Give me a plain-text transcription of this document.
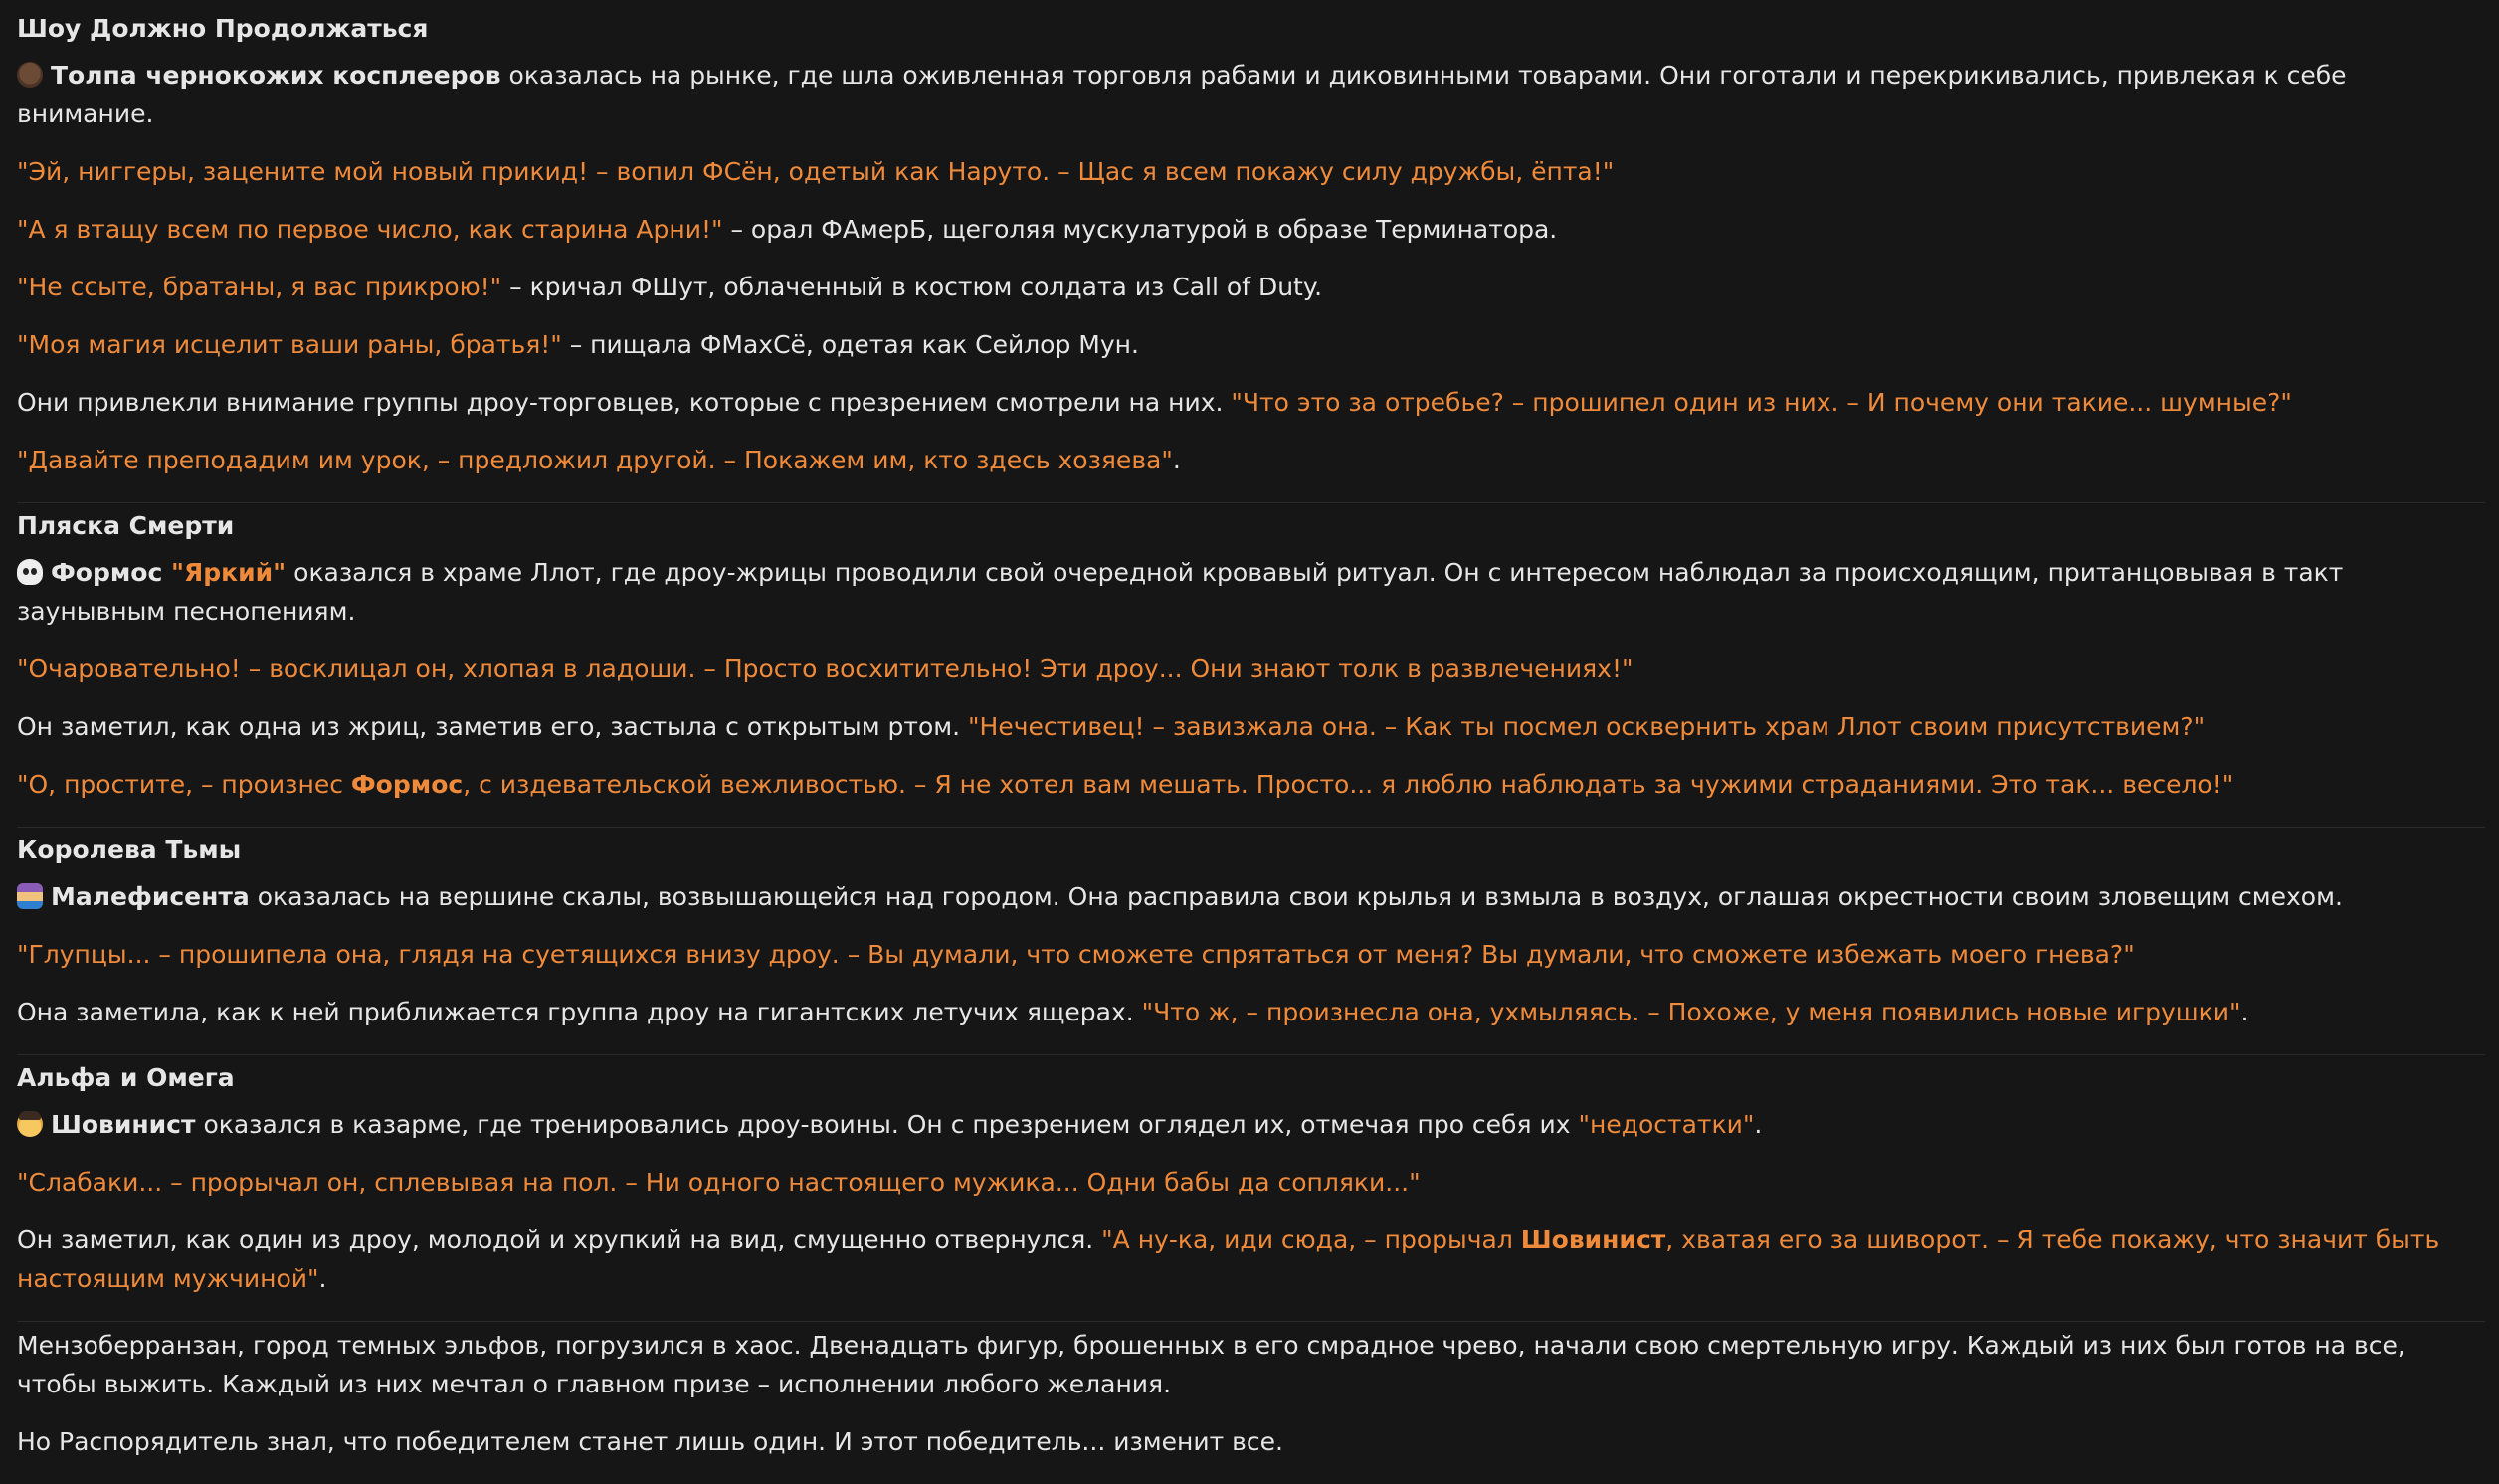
Шоу Должно Продолжаться

Толпа чернокожих косплееров оказалась на рынке, где шла оживленная торговля рабами и диковинными товарами. Они гоготали и перекрикивались, привлекая к себе внимание.

"Эй, ниггеры, зацените мой новый прикид! – вопил ФСён, одетый как Наруто. – Щас я всем покажу силу дружбы, ёпта!"

"А я втащу всем по первое число, как старина Арни!" – орал ФАмерБ, щеголяя мускулатурой в образе Терминатора.

"Не ссыте, братаны, я вас прикрою!" – кричал ФШут, облаченный в костюм солдата из Call of Duty.

"Моя магия исцелит ваши раны, братья!" – пищала ФМахСё, одетая как Сейлор Мун.

Они привлекли внимание группы дроу-торговцев, которые с презрением смотрели на них. "Что это за отребье? – прошипел один из них. – И почему они такие... шумные?"

"Давайте преподадим им урок, – предложил другой. – Покажем им, кто здесь хозяева".

Пляска Смерти

Формос "Яркий" оказался в храме Ллот, где дроу-жрицы проводили свой очередной кровавый ритуал. Он с интересом наблюдал за происходящим, пританцовывая в такт заунывным песнопениям.

"Очаровательно! – восклицал он, хлопая в ладоши. – Просто восхитительно! Эти дроу... Они знают толк в развлечениях!"

Он заметил, как одна из жриц, заметив его, застыла с открытым ртом. "Нечестивец! – завизжала она. – Как ты посмел осквернить храм Ллот своим присутствием?"

"О, простите, – произнес Формос, с издевательской вежливостью. – Я не хотел вам мешать. Просто... я люблю наблюдать за чужими страданиями. Это так... весело!"

Королева Тьмы

Малефисента оказалась на вершине скалы, возвышающейся над городом. Она расправила свои крылья и взмыла в воздух, оглашая окрестности своим зловещим смехом.

"Глупцы... – прошипела она, глядя на суетящихся внизу дроу. – Вы думали, что сможете спрятаться от меня? Вы думали, что сможете избежать моего гнева?"

Она заметила, как к ней приближается группа дроу на гигантских летучих ящерах. "Что ж, – произнесла она, ухмыляясь. – Похоже, у меня появились новые игрушки".

Альфа и Омега

Шовинист оказался в казарме, где тренировались дроу-воины. Он с презрением оглядел их, отмечая про себя их "недостатки".

"Слабаки... – прорычал он, сплевывая на пол. – Ни одного настоящего мужика... Одни бабы да сопляки..."

Он заметил, как один из дроу, молодой и хрупкий на вид, смущенно отвернулся. "А ну-ка, иди сюда, – прорычал Шовинист, хватая его за шиворот. – Я тебе покажу, что значит быть настоящим мужчиной".

Мензоберранзан, город темных эльфов, погрузился в хаос. Двенадцать фигур, брошенных в его смрадное чрево, начали свою смертельную игру. Каждый из них был готов на все, чтобы выжить. Каждый из них мечтал о главном призе – исполнении любого желания.

Но Распорядитель знал, что победителем станет лишь один. И этот победитель... изменит все.
